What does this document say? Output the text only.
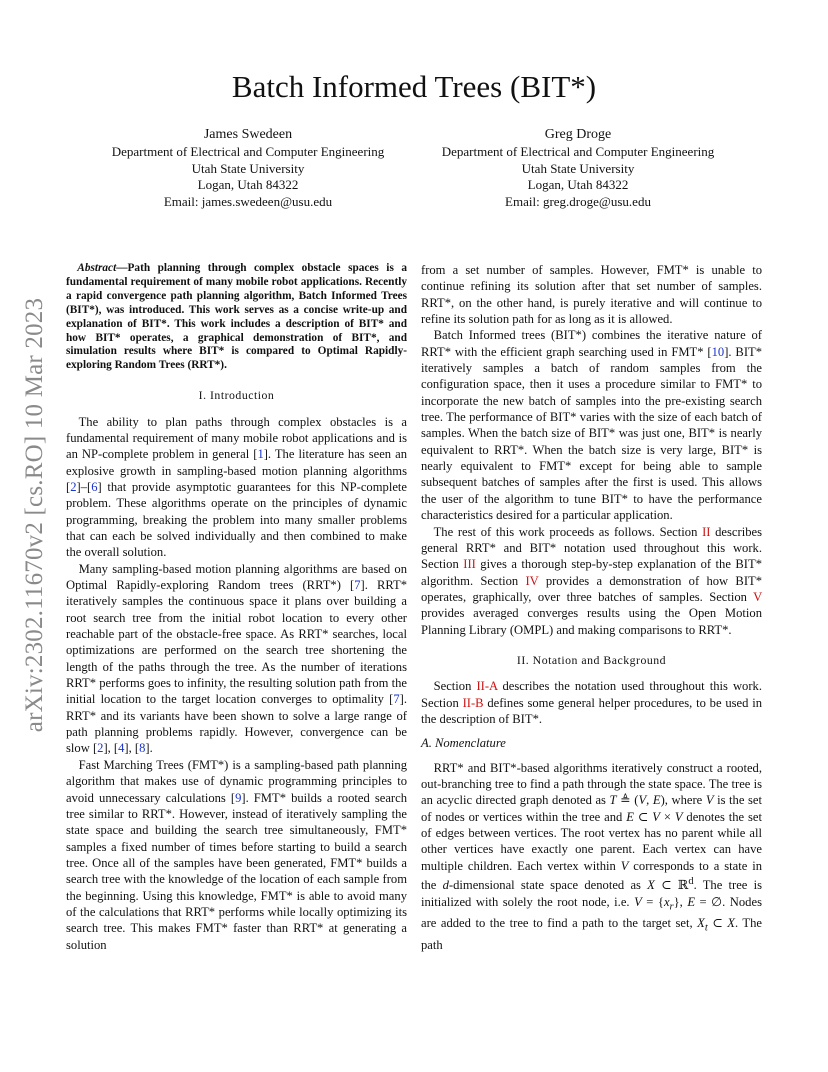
Batch Informed Trees (BIT*)
James Swedeen
Department of Electrical and Computer Engineering
Utah State University
Logan, Utah 84322
Email: james.swedeen@usu.edu
Greg Droge
Department of Electrical and Computer Engineering
Utah State University
Logan, Utah 84322
Email: greg.droge@usu.edu
arXiv:2302.11670v2 [cs.RO] 10 Mar 2023

Abstract—Path planning through complex obstacle spaces is a fundamental requirement of many mobile robot applications. Recently a rapid convergence path planning algorithm, Batch Informed Trees (BIT*), was introduced. This work serves as a concise write-up and explanation of BIT*. This work includes a description of BIT* and how BIT* operates, a graphical demonstration of BIT*, and simulation results where BIT* is compared to Optimal Rapidly-exploring Random Trees (RRT*).

I. Introduction

The ability to plan paths through complex obstacles is a fundamental requirement of many mobile robot applications and is an NP-complete problem in general [1]. The literature has seen an explosive growth in sampling-based motion planning algorithms [2]–[6] that provide asymptotic guarantees for this NP-complete problem. These algorithms operate on the principles of dynamic programming, breaking the problem into many smaller problems that can each be solved individually and then combined to make the overall solution.

Many sampling-based motion planning algorithms are based on Optimal Rapidly-exploring Random trees (RRT*) [7]. RRT* iteratively samples the continuous space it plans over building a root search tree from the initial robot location to every other reachable part of the obstacle-free space. As RRT* searches, local optimizations are performed on the search tree shortening the length of the paths through the tree. As the number of iterations RRT* performs goes to infinity, the resulting solution path from the initial location to the target location converges to optimality [7]. RRT* and its variants have been shown to solve a large range of path planning problems rapidly. However, convergence can be slow [2], [4], [8].

Fast Marching Trees (FMT*) is a sampling-based path planning algorithm that makes use of dynamic programming principles to avoid unnecessary calculations [9]. FMT* builds a rooted search tree similar to RRT*. However, instead of iteratively sampling the state space and building the search tree simultaneously, FMT* samples a fixed number of times before starting to build a search tree. Once all of the samples have been generated, FMT* builds a search tree with the knowledge of the location of each sample from the beginning. Using this knowledge, FMT* is able to avoid many of the calculations that RRT* performs while locally optimizing its search tree. This makes FMT* faster than RRT* at generating a solution

from a set number of samples. However, FMT* is unable to continue refining its solution after that set number of samples. RRT*, on the other hand, is purely iterative and will continue to refine its solution path for as long as it is allowed.

Batch Informed trees (BIT*) combines the iterative nature of RRT* with the efficient graph searching used in FMT* [10]. BIT* iteratively samples a batch of random samples from the configuration space, then it uses a procedure similar to FMT* to incorporate the new batch of samples into the pre-existing search tree. The performance of BIT* varies with the size of each batch of samples. When the batch size of BIT* was just one, BIT* is nearly equivalent to RRT*. When the batch size is very large, BIT* is nearly equivalent to FMT* except for being able to sample subsequent batches of samples after the first is used. This allows the user of the algorithm to tune BIT* to have the performance characteristics desired for a particular application.

The rest of this work proceeds as follows. Section II describes general RRT* and BIT* notation used throughout this work. Section III gives a thorough step-by-step explanation of the BIT* algorithm. Section IV provides a demonstration of how BIT* operates, graphically, over three batches of samples. Section V provides averaged converges results using the Open Motion Planning Library (OMPL) and making comparisons to RRT*.

II. Notation and Background

Section II-A describes the notation used throughout this work. Section II-B defines some general helper procedures, to be used in the description of BIT*.

A. Nomenclature

RRT* and BIT*-based algorithms iteratively construct a rooted, out-branching tree to find a path through the state space. The tree is an acyclic directed graph denoted as T ≜ (V, E), where V is the set of nodes or vertices within the tree and E ⊂ V × V denotes the set of edges between vertices. The root vertex has no parent while all other vertices have exactly one parent. Each vertex can have multiple children. Each vertex within V corresponds to a state in the d-dimensional state space denoted as X ⊂ ℝ$^d$. The tree is initialized with solely the root node, i.e. $V = \{x_r\}$, E = ∅. Nodes are added to the tree to find a path to the target set, $X_t$ ⊂ X. The path
